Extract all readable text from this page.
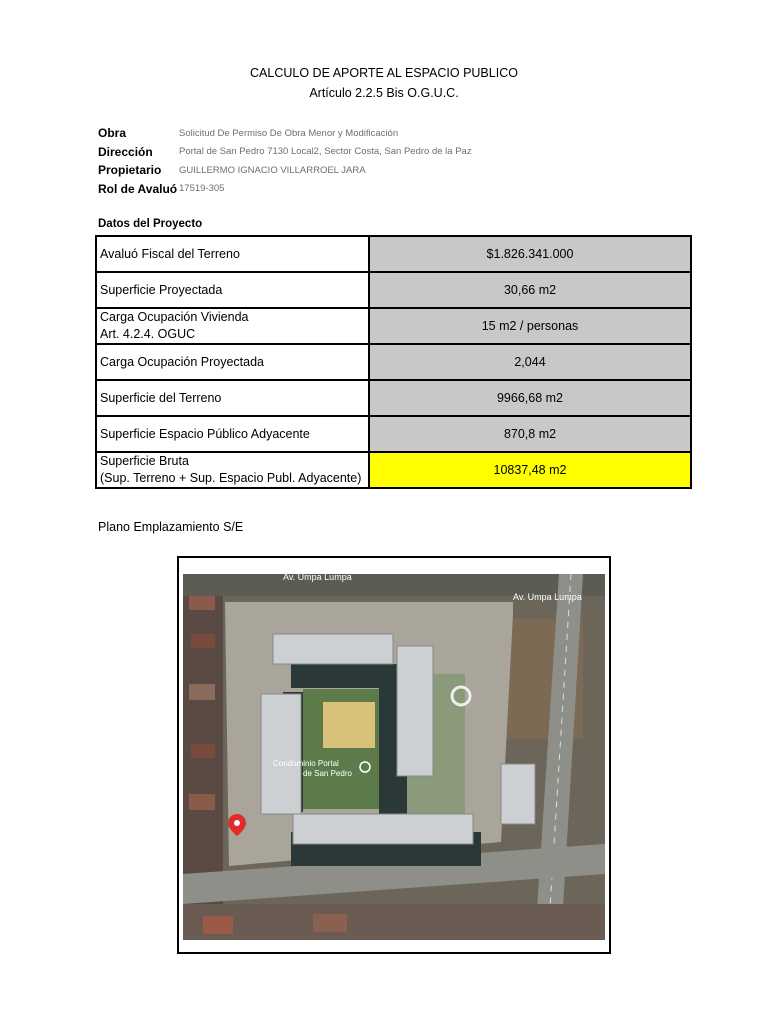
CALCULO DE APORTE AL ESPACIO PUBLICO
Artículo 2.2.5 Bis O.G.U.C.
Obra	Solicitud De Permiso De Obra Menor y Modificación
Dirección	Portal de San Pedro 7130 Local2, Sector Costa, San Pedro de la Paz
Propietario	GUILLERMO IGNACIO VILLARROEL JARA
Rol de Avaluó 17519-305
Datos del Proyecto
Avaluó Fiscal del Terreno	$1.826.341.000
Superficie Proyectada	30,66 m2

Carga Ocupación Vivienda
Art. 4.2.4. OGUC	15 m2 / personas
Carga Ocupación Proyectada	2,044
Superficie del Terreno	9966,68 m2
Superficie Espacio Público Adyacente	870,8 m2

Superficie Bruta
(Sup. Terreno + Sup. Espacio Publ. Adyacente)	10837,48 m2
Plano Emplazamiento S/E
Av. Umpa Lumpa
Av. Umpa Lumpa
Condominio Portal
de San Pedro
